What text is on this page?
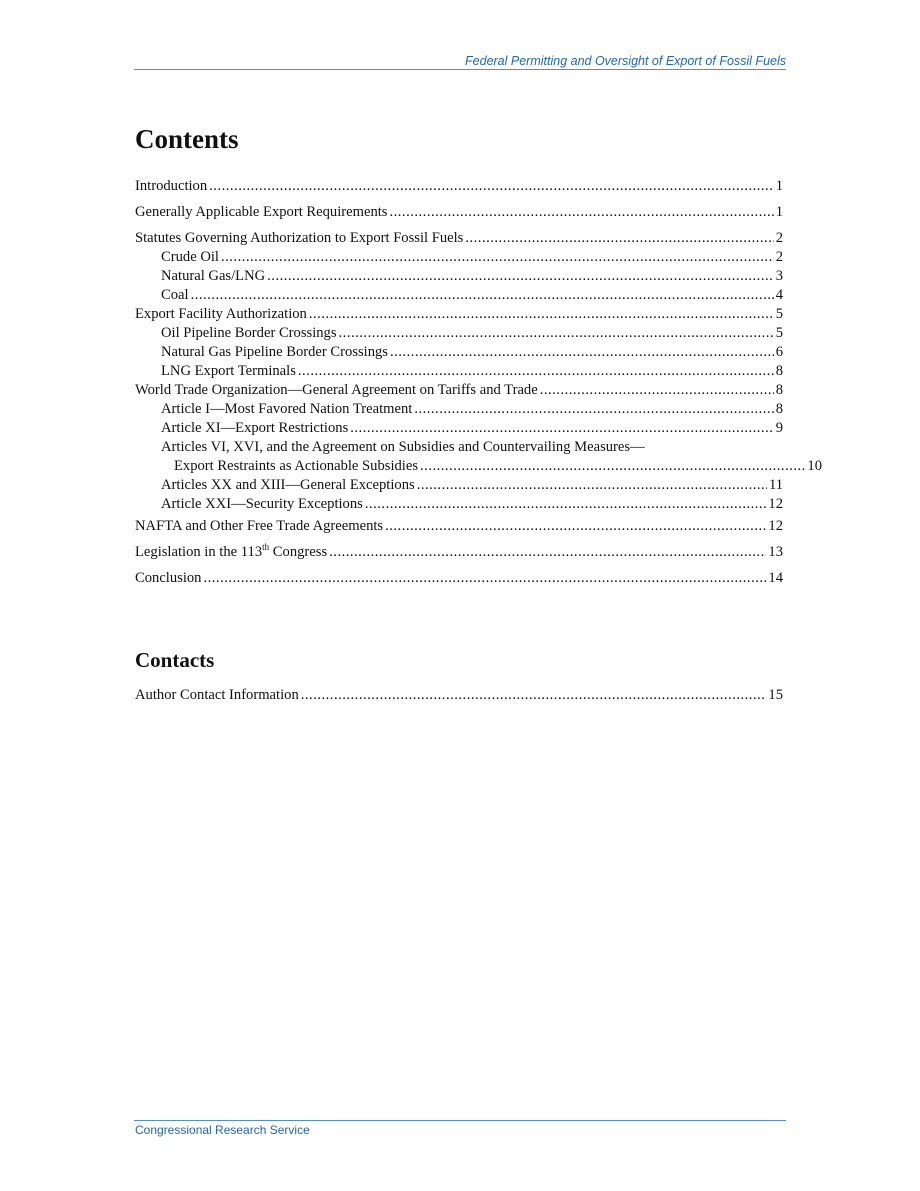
Federal Permitting and Oversight of Export of Fossil Fuels
Contents
Introduction .....	1
Generally Applicable Export Requirements .....	1
Statutes Governing Authorization to Export Fossil Fuels .....	2
Crude Oil .....	2
Natural Gas/LNG .....	3
Coal .....	4
Export Facility Authorization .....	5
Oil Pipeline Border Crossings .....	5
Natural Gas Pipeline Border Crossings .....	6
LNG Export Terminals .....	8
World Trade Organization—General Agreement on Tariffs and Trade .....	8
Article I—Most Favored Nation Treatment .....	8
Article XI—Export Restrictions .....	9
Articles VI, XVI, and the Agreement on Subsidies and Countervailing Measures—
Export Restraints as Actionable Subsidies .....	10
Articles XX and XIII—General Exceptions .....	11
Article XXI—Security Exceptions .....	12
NAFTA and Other Free Trade Agreements .....	12
Legislation in the 113th Congress .....	13
Conclusion .....	14
Contacts
Author Contact Information .....	15
Congressional Research Service
